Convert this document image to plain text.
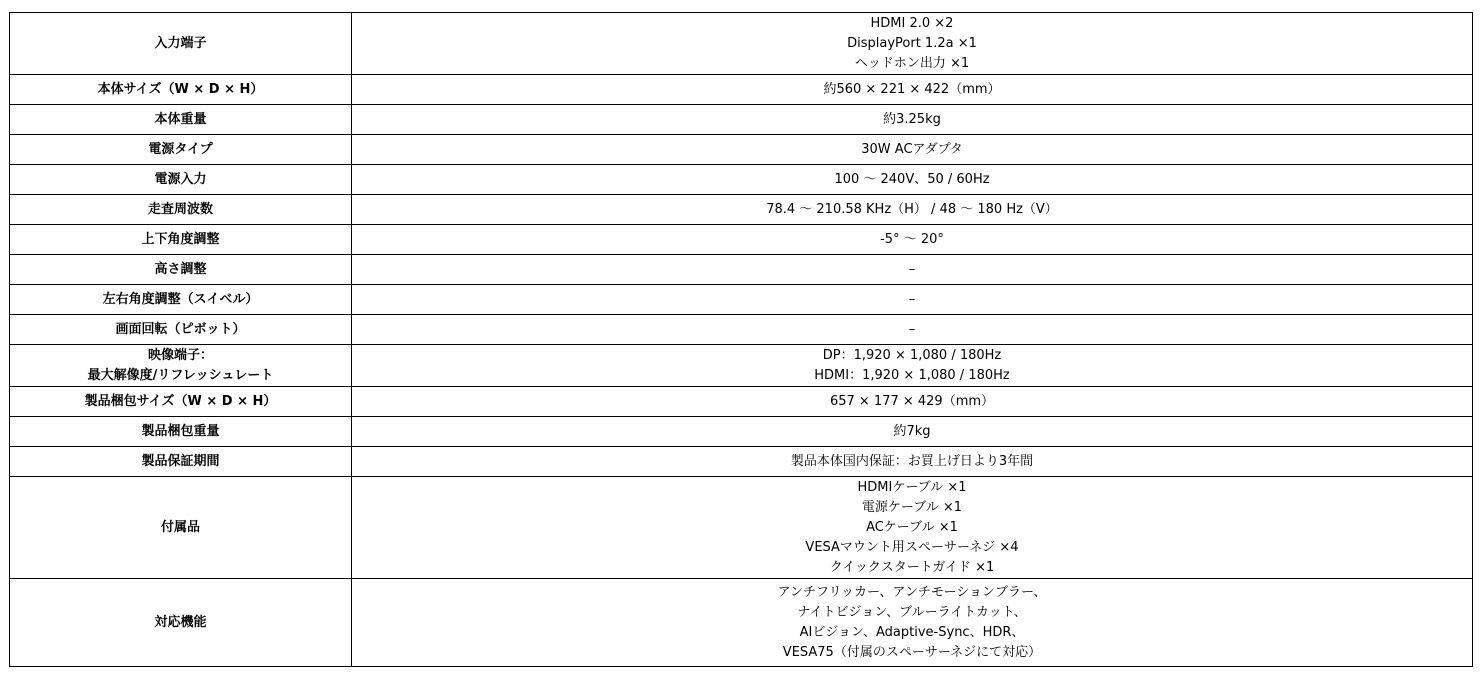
入力端子	HDMI 2.0 ×2
DisplayPort 1.2a ×1
ヘッドホン出力 ×1

本体サイズ（W × D × H）	約560 × 221 × 422（mm）

本体重量	約3.25kg

電源タイプ	30W ACアダプタ

電源入力	100 ～ 240V、50 / 60Hz

走査周波数	78.4 ～ 210.58 KHz（H） / 48 ～ 180 Hz（V）

上下角度調整	-5° ～ 20°

高さ調整	–

左右角度調整（スイベル）	–

画面回転（ピボット）	–

映像端子：
最大解像度/リフレッシュレート	DP：1,920 × 1,080 / 180Hz
HDMI：1,920 × 1,080 / 180Hz

製品梱包サイズ（W × D × H）	657 × 177 × 429（mm）

製品梱包重量	約7kg

製品保証期間	製品本体国内保証：お買上げ日より3年間

付属品	HDMIケーブル ×1
電源ケーブル ×1
ACケーブル ×1
VESAマウント用スペーサーネジ ×4
クイックスタートガイド ×1

対応機能	アンチフリッカー、アンチモーションブラー、
ナイトビジョン、ブルーライトカット、
AIビジョン、Adaptive-Sync、HDR、
VESA75（付属のスペーサーネジにて対応）
